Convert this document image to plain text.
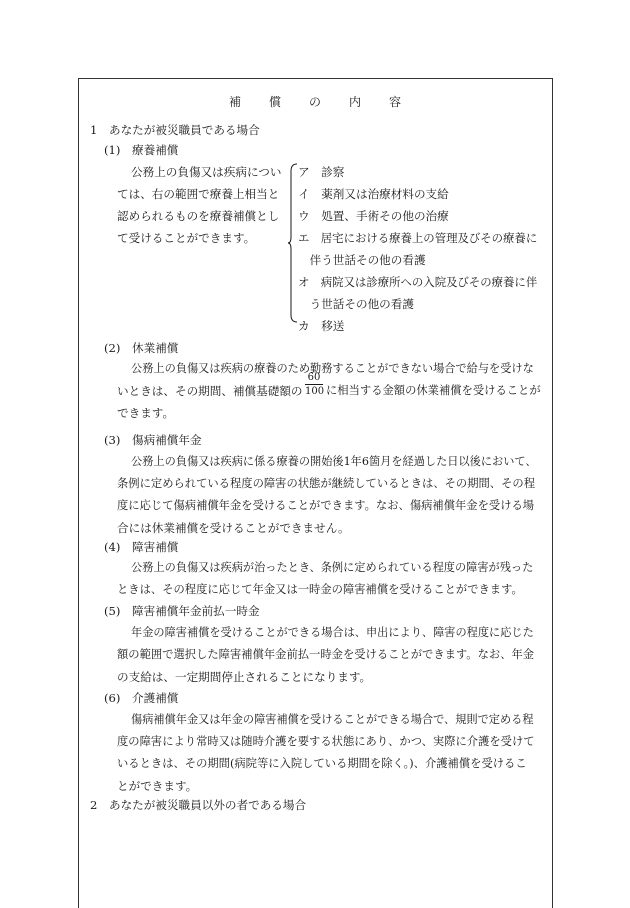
補 償 の 内 容
1　あなたが被災職員である場合
(1)　療養補償
公務上の負傷又は疾病につい
ては、右の範囲で療養上相当と
認められるものを療養補償とし
て受けることができます。
ア　診察
イ　薬剤又は治療材料の支給
ウ　処置、手術その他の治療
エ　居宅における療養上の管理及びその療養に
　伴う世話その他の看護
オ　病院又は診療所への入院及びその療養に伴
　う世話その他の看護
カ　移送
(2)　休業補償
公務上の負傷又は疾病の療養のため勤務することができない場合で給与を受けな
いときは、その期間、補償基礎額の $\frac{60}{100}$ に相当する金額の休業補償を受けることが
できます。
(3)　傷病補償年金
公務上の負傷又は疾病に係る療養の開始後1年6箇月を経過した日以後において、
条例に定められている程度の障害の状態が継続しているときは、その期間、その程
度に応じて傷病補償年金を受けることができます。なお、傷病補償年金を受ける場
合には休業補償を受けることができません。
(4)　障害補償
公務上の負傷又は疾病が治ったとき、条例に定められている程度の障害が残った
ときは、その程度に応じて年金又は一時金の障害補償を受けることができます。
(5)　障害補償年金前払一時金
年金の障害補償を受けることができる場合は、申出により、障害の程度に応じた
額の範囲で選択した障害補償年金前払一時金を受けることができます。なお、年金
の支給は、一定期間停止されることになります。
(6)　介護補償
傷病補償年金又は年金の障害補償を受けることができる場合で、規則で定める程
度の障害により常時又は随時介護を要する状態にあり、かつ、実際に介護を受けて
いるときは、その期間(病院等に入院している期間を除く。)、介護補償を受けるこ
とができます。
2　あなたが被災職員以外の者である場合
